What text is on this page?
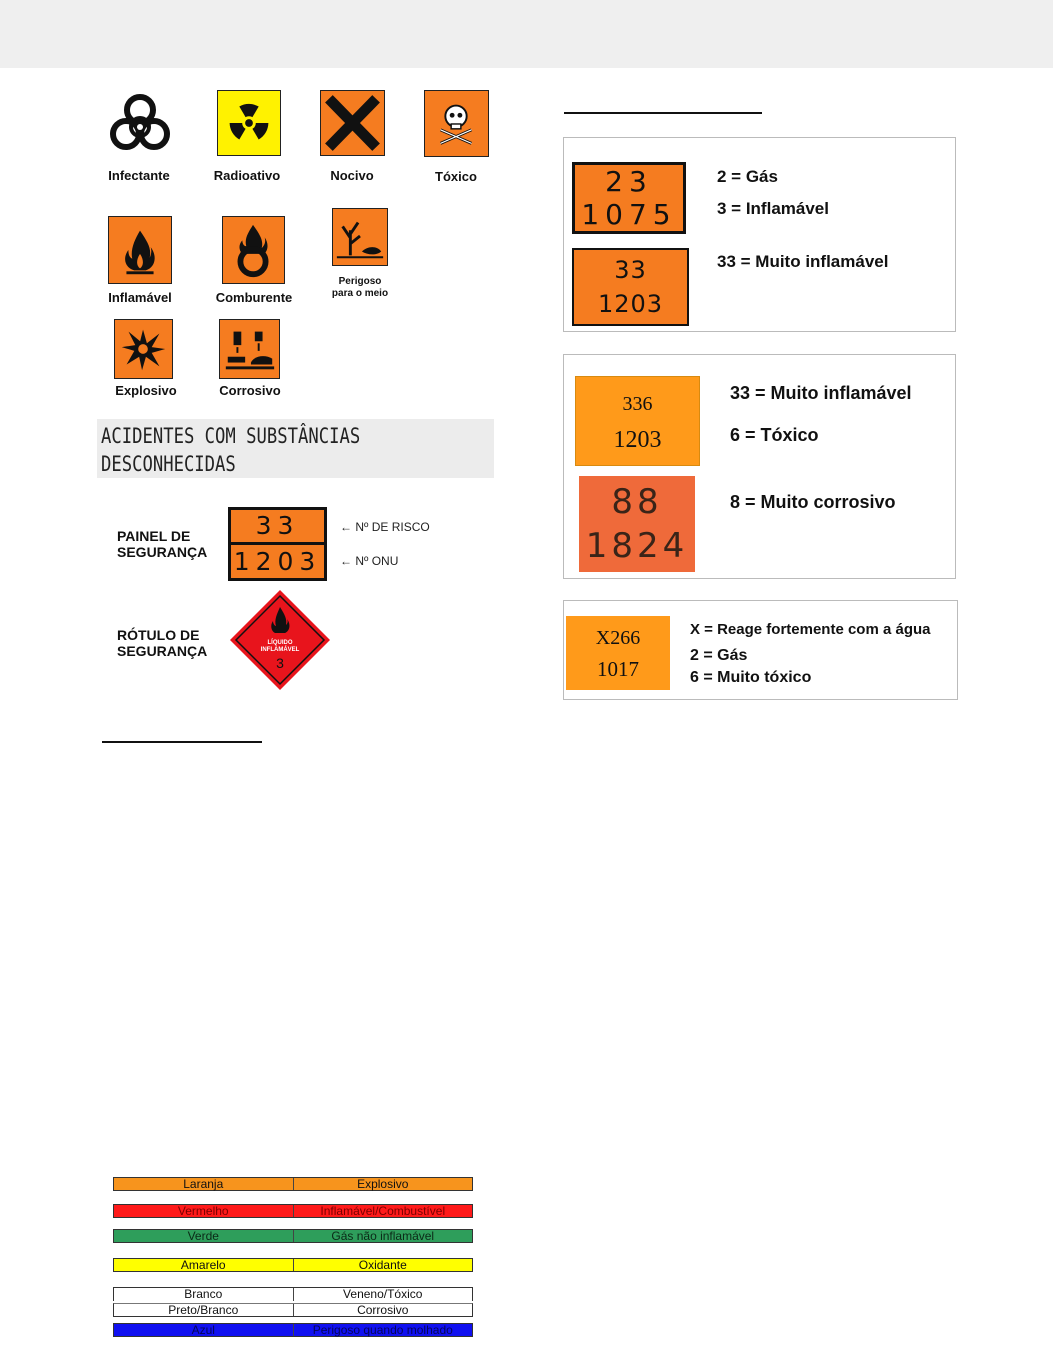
Infectante	Radioativo	Nocivo	Tóxico
Inflamável	Comburente
Perigoso
para o meio
Explosivo	Corrosivo
ACIDENTES COM SUBSTÂNCIAS
DESCONHECIDAS
PAINEL DE
SEGURANÇA
33
1203
← Nº DE RISCO
← Nº ONU
RÓTULO DE
SEGURANÇA	LÍQUIDO
INFLAMÁVEL
3
23
1075
33
1203
2 = Gás
3 = Inflamável
33 = Muito inflamável
336
1203
88
1824
33 = Muito inflamável
6 = Tóxico
8 = Muito corrosivo
X266
1017
X = Reage fortemente com a água
2 = Gás
6 = Muito tóxico
Laranja	Explosivo
Vermelho	Inflamável/Combustível
Verde	Gás não inflamável
Amarelo	Oxidante
Branco	Veneno/Tóxico
Preto/Branco	Corrosivo
Azul	Perigoso quando molhado
